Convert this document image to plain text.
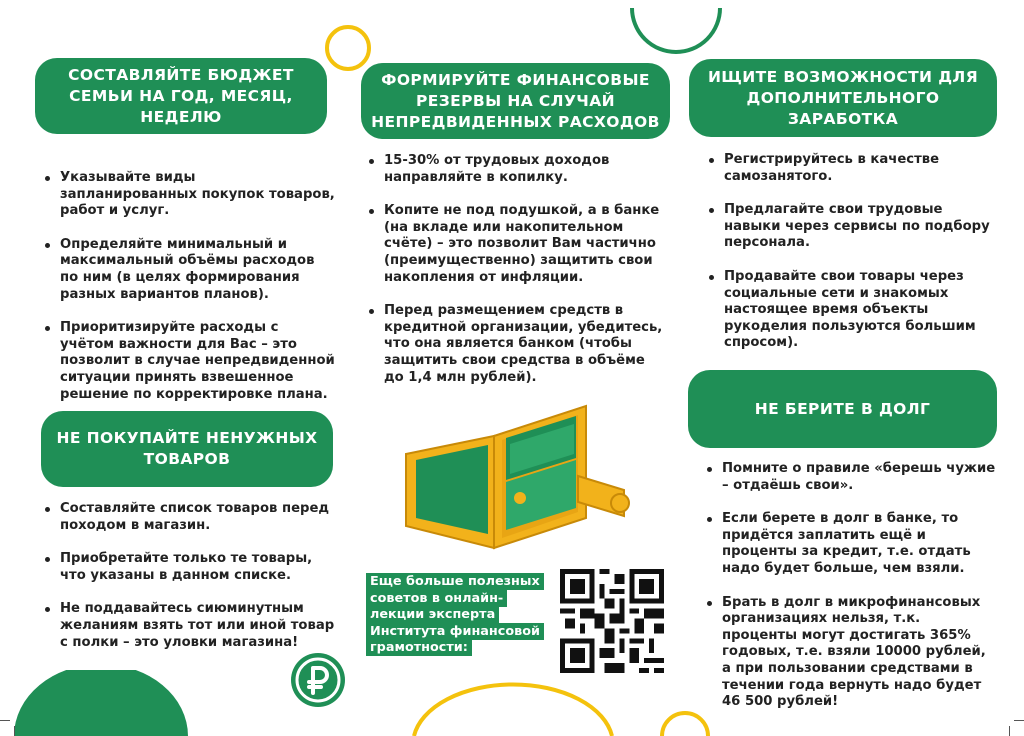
СОСТАВЛЯЙТЕ БЮДЖЕТ
СЕМЬИ НА ГОД, МЕСЯЦ,
НЕДЕЛЮ
Указывайте виды запланированных покупок товаров, работ и услуг.
Определяйте минимальный и максимальный объёмы расходов по ним (в целях формирования разных вариантов планов).
Приоритизируйте расходы с учётом важности для Вас – это позволит в случае непредвиденной ситуации принять взвешенное решение по корректировке плана.
НЕ ПОКУПАЙТЕ НЕНУЖНЫХ
ТОВАРОВ
Составляйте список товаров перед походом в магазин.
Приобретайте только те товары, что указаны в данном списке.
Не поддавайтесь сиюминутным желаниям взять тот или иной товар с полки – это уловки магазина!
ФОРМИРУЙТЕ ФИНАНСОВЫЕ
РЕЗЕРВЫ НА СЛУЧАЙ
НЕПРЕДВИДЕННЫХ РАСХОДОВ
15-30% от трудовых доходов направляйте в копилку.
Копите не под подушкой, а в банке (на вкладе или накопительном счёте) – это позволит Вам частично (преимущественно) защитить свои накопления от инфляции.
Перед размещением средств в кредитной организации, убедитесь, что она является банком (чтобы защитить свои средства в объёме до 1,4 млн рублей).
Еще больше полезных советов в онлайн-лекции эксперта Института финансовой грамотности:
ИЩИТЕ ВОЗМОЖНОСТИ ДЛЯ
ДОПОЛНИТЕЛЬНОГО
ЗАРАБОТКА
Регистрируйтесь в качестве самозанятого.
Предлагайте свои трудовые навыки через сервисы по подбору персонала.
Продавайте свои товары через социальные сети и знакомых настоящее время объекты рукоделия пользуются большим спросом).
НЕ БЕРИТЕ В ДОЛГ
Помните о правиле «берешь чужие – отдаёшь свои».
Если берете в долг в банке, то придётся заплатить ещё и проценты за кредит, т.е. отдать надо будет больше, чем взяли.
Брать в долг в микрофинансовых организациях нельзя, т.к. проценты могут достигать 365% годовых, т.е. взяли 10000 рублей, а при пользовании средствами в течении года вернуть надо будет 46 500 рублей!
